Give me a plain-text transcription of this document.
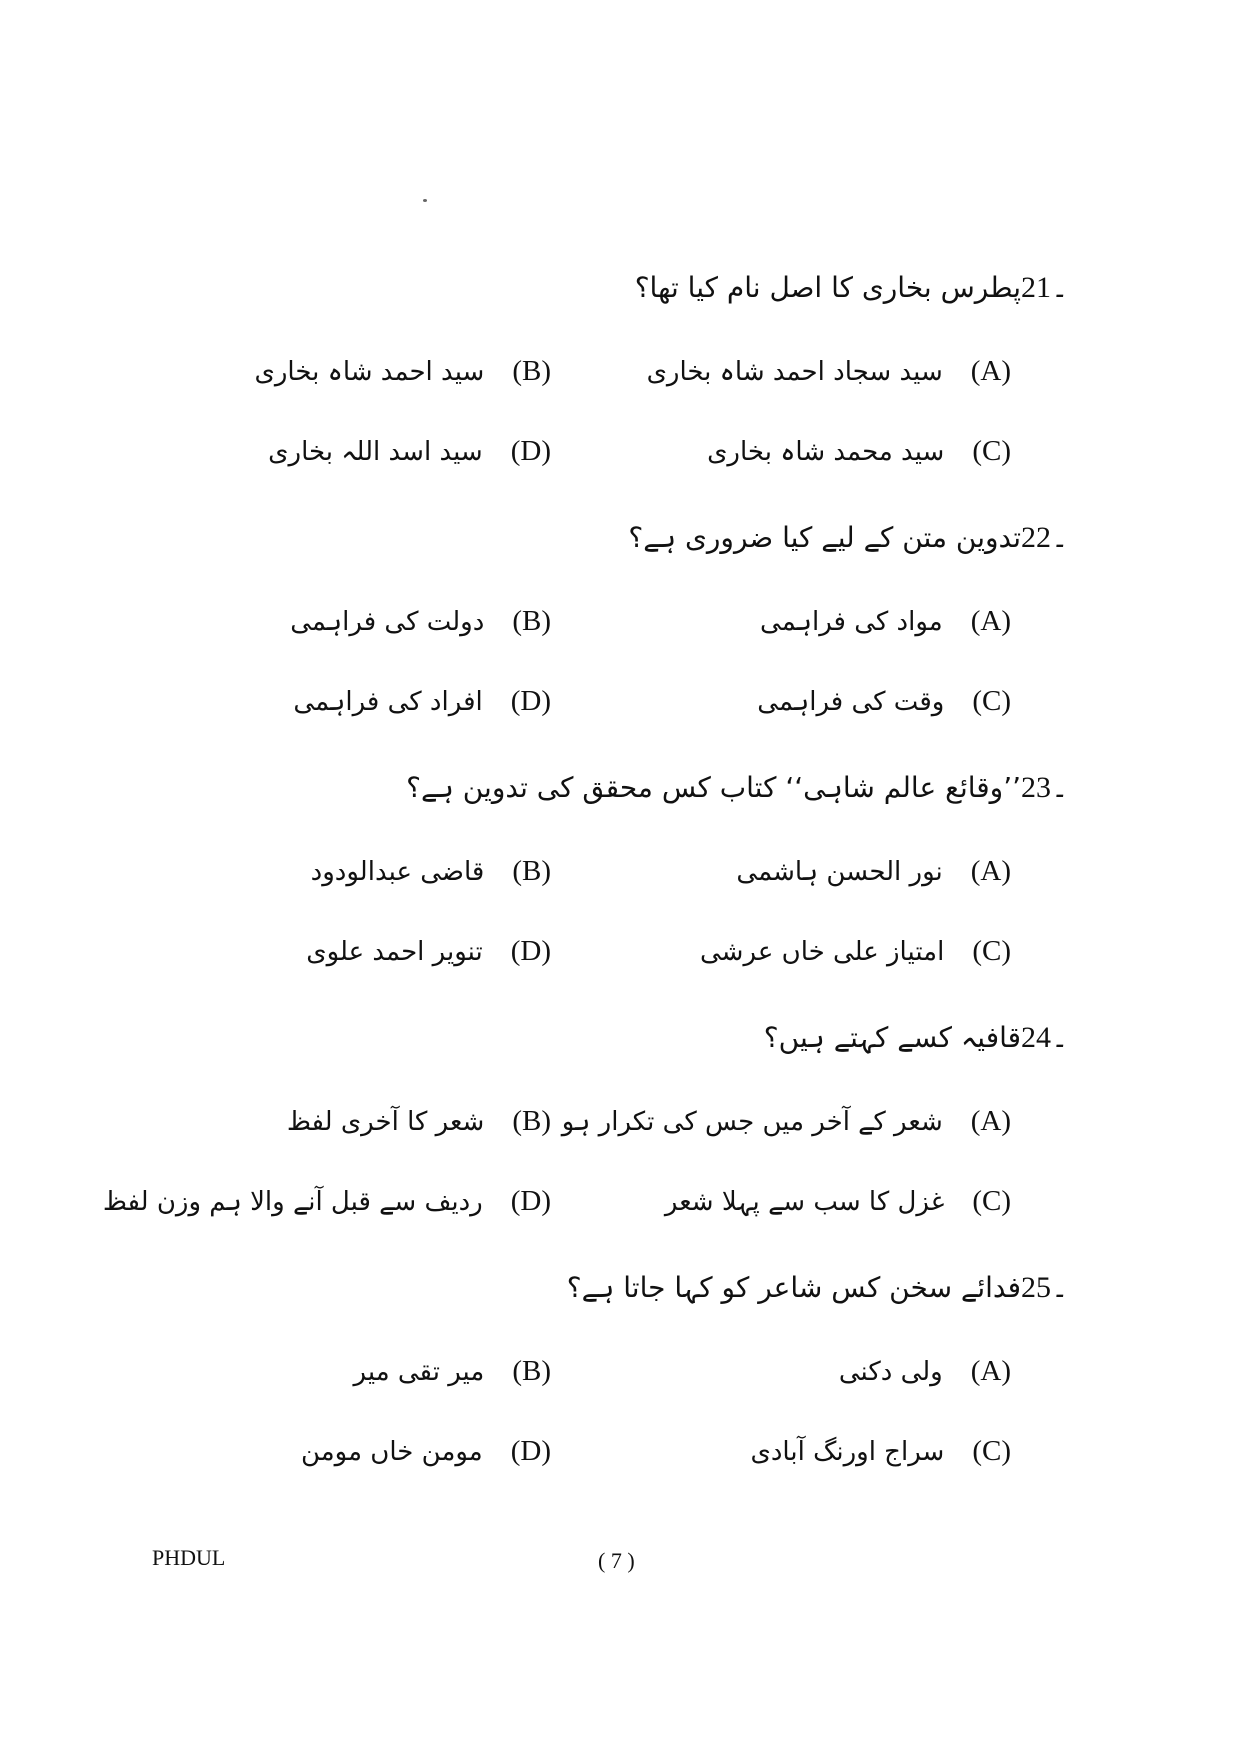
21۔
پطرس بخاری کا اصل نام کیا تھا؟
(A)
سید سجاد احمد شاہ بخاری
(B)
سید احمد شاہ بخاری
(C)
سید محمد شاہ بخاری
(D)
سید اسد اللہ بخاری
22۔
تدوین متن کے لیے کیا ضروری ہے؟
(A)
مواد کی فراہمی
(B)
دولت کی فراہمی
(C)
وقت کی فراہمی
(D)
افراد کی فراہمی
23۔
’’وقائع عالم شاہی‘‘ کتاب کس محقق کی تدوین ہے؟
(A)
نور الحسن ہاشمی
(B)
قاضی عبدالودود
(C)
امتیاز علی خاں عرشی
(D)
تنویر احمد علوی
24۔
قافیہ کسے کہتے ہیں؟
(A)
شعر کے آخر میں جس کی تکرار ہو
(B)
شعر کا آخری لفظ
(C)
غزل کا سب سے پہلا شعر
(D)
ردیف سے قبل آنے والا ہم وزن لفظ
25۔
فدائے سخن کس شاعر کو کہا جاتا ہے؟
(A)
ولی دکنی
(B)
میر تقی میر
(C)
سراج اورنگ آبادی
(D)
مومن خاں مومن
PHDUL	( 7 )
